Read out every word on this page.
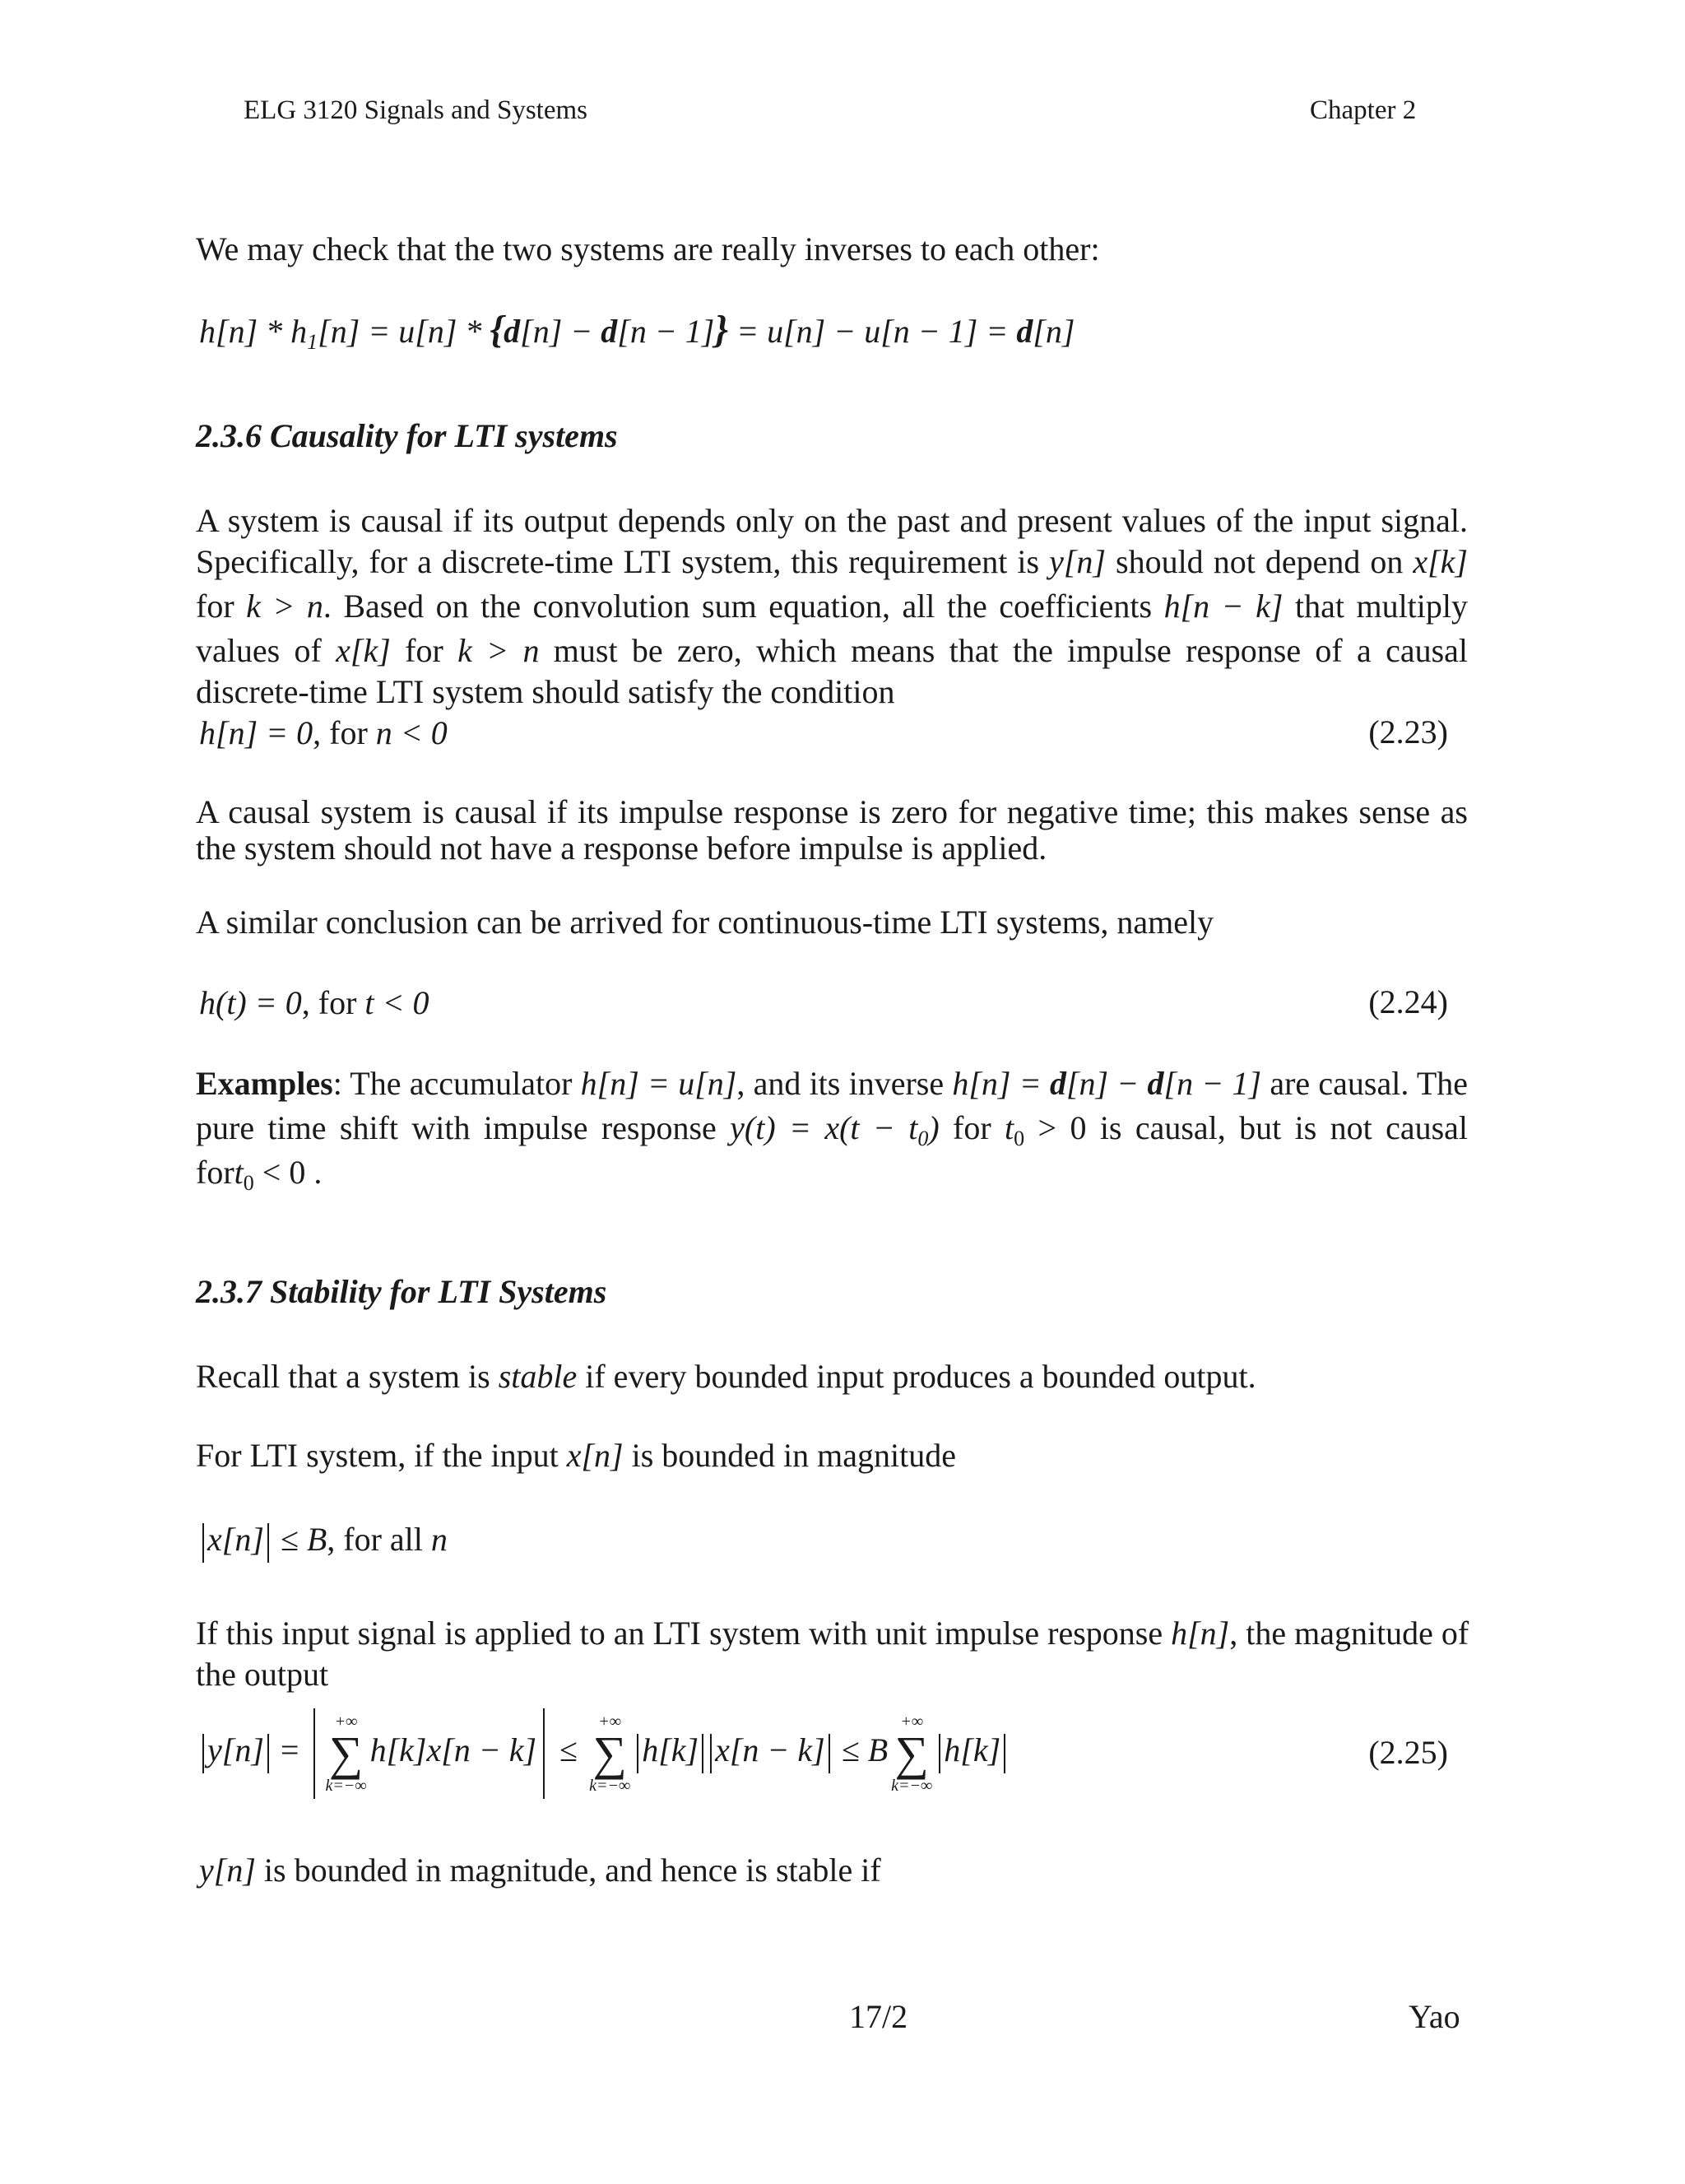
ELG 3120 Signals and Systems	Chapter 2
We may check that the two systems are really inverses to each other:
$h[n] * h_1[n] = u[n] * \{d[n] - d[n - 1]\} = u[n] - u[n - 1] = d[n]$
2.3.6 Causality for LTI systems
A system is causal if its output depends only on the past and present values of the input signal.
Specifically, for a discrete-time LTI system, this requirement is y[n] should not depend on x[k]
for k > n. Based on the convolution sum equation, all the coefficients h[n − k] that multiply
values of x[k] for k > n must be zero, which means that the impulse response of a causal
discrete-time LTI system should satisfy the condition
h[n] = 0, for n < 0	(2.23)
A causal system is causal if its impulse response is zero for negative time; this makes sense as
the system should not have a response before impulse is applied.
A similar conclusion can be arrived for continuous-time LTI systems, namely
h(t) = 0, for t < 0	(2.24)
Examples: The accumulator h[n] = u[n], and its inverse h[n] = d[n] − d[n − 1] are causal. The
pure time shift with impulse response $y(t) = x(t - t_0)$ for $t_0 > 0$ is causal, but is not causal
fort$_0$ < 0 .
2.3.7 Stability for LTI Systems
Recall that a system is stable if every bounded input produces a bounded output.
For LTI system, if the input x[n] is bounded in magnitude
x[n] ≤ B, for all n
If this input signal is applied to an LTI system with unit impulse response h[n], the magnitude of
the output
y[n] =
+∞
∑
k=−∞
h[k]x[n − k] ≤
+∞
∑
k=−∞
h[k] x[n − k] ≤ B
+∞
∑
k=−∞
h[k]	(2.25)
y[n] is bounded in magnitude, and hence is stable if
17/2	Yao
